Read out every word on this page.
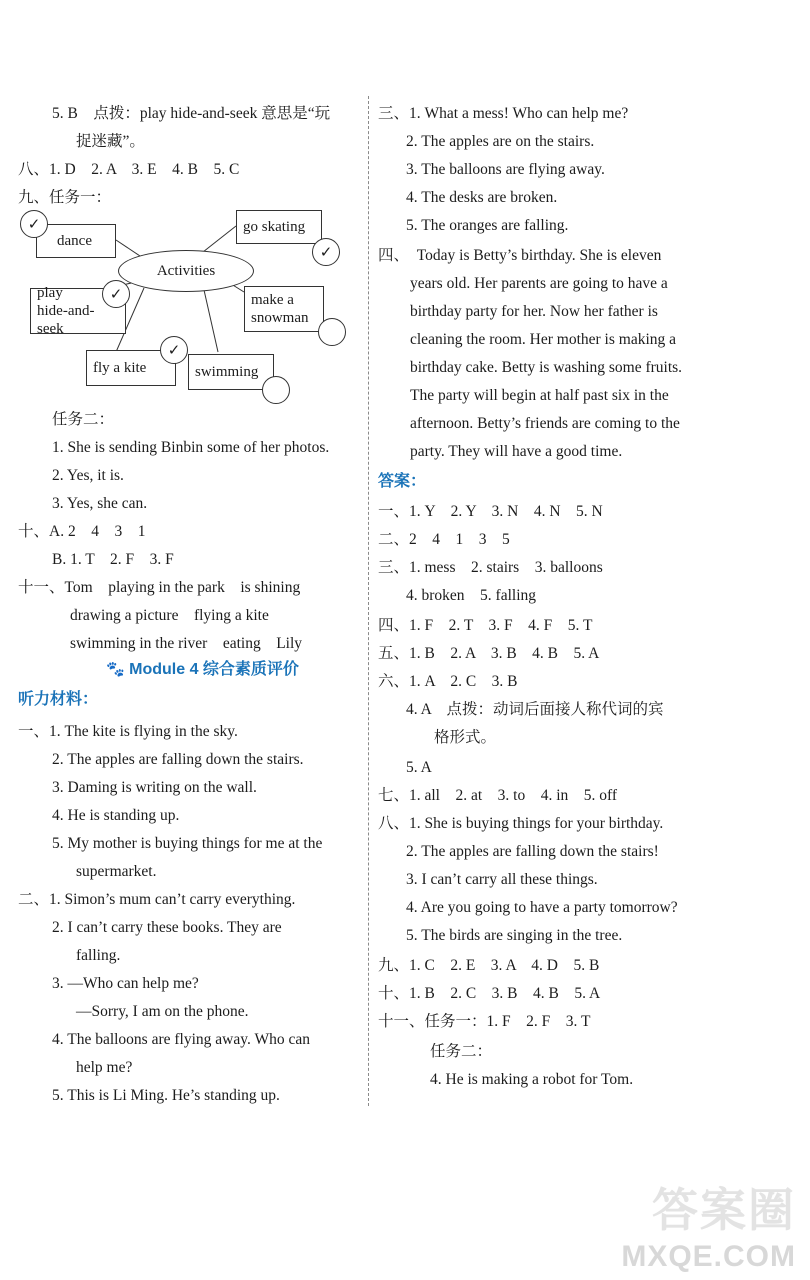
5. B　点拨：play hide-and-seek 意思是“玩
捉迷藏”。
八、1. D　2. A　3. E　4. B　5. C
九、任务一：
Activities
dance
✓	go skating
✓
play
hide-and-seek
✓	make a
snowman
fly a kite
✓
swimming
任务二：
1. She is sending Binbin some of her photos.
2. Yes, it is.
3. Yes, she can.
十、A. 2　4　3　1
B. 1. T　2. F　3. F
十一、Tom　playing in the park　is shining
drawing a picture　flying a kite
swimming in the river　eating　Lily
🐾 Module 4 综合素质评价
听力材料：
一、1. The kite is flying in the sky.
2. The apples are falling down the stairs.
3. Daming is writing on the wall.
4. He is standing up.
5. My mother is buying things for me at the
supermarket.
二、1. Simon’s mum can’t carry everything.
2. I can’t carry these books. They are
falling.
3. —Who can help me?
—Sorry, I am on the phone.
4. The balloons are flying away. Who can
help me?
5. This is Li Ming. He’s standing up.
三、1. What a mess! Who can help me?
2. The apples are on the stairs.
3. The balloons are flying away.
4. The desks are broken.
5. The oranges are falling.
四、　Today is Betty’s birthday. She is eleven
years old. Her parents are going to have a
birthday party for her. Now her father is
cleaning the room. Her mother is making a
birthday cake. Betty is washing some fruits.
The party will begin at half past six in the
afternoon. Betty’s friends are coming to the
party. They will have a good time.
答案：
一、1. Y　2. Y　3. N　4. N　5. N
二、2　4　1　3　5
三、1. mess　2. stairs　3. balloons
4. broken　5. falling
四、1. F　2. T　3. F　4. F　5. T
五、1. B　2. A　3. B　4. B　5. A
六、1. A　2. C　3. B
4. A　点拨：动词后面接人称代词的宾
格形式。
5. A
七、1. all　2. at　3. to　4. in　5. off
八、1. She is buying things for your birthday.
2. The apples are falling down the stairs!
3. I can’t carry all these things.
4. Are you going to have a party tomorrow?
5. The birds are singing in the tree.
九、1. C　2. E　3. A　4. D　5. B
十、1. B　2. C　3. B　4. B　5. A
十一、任务一：1. F　2. F　3. T
任务二：
4. He is making a robot for Tom.
答案圈
MXQE.COM
